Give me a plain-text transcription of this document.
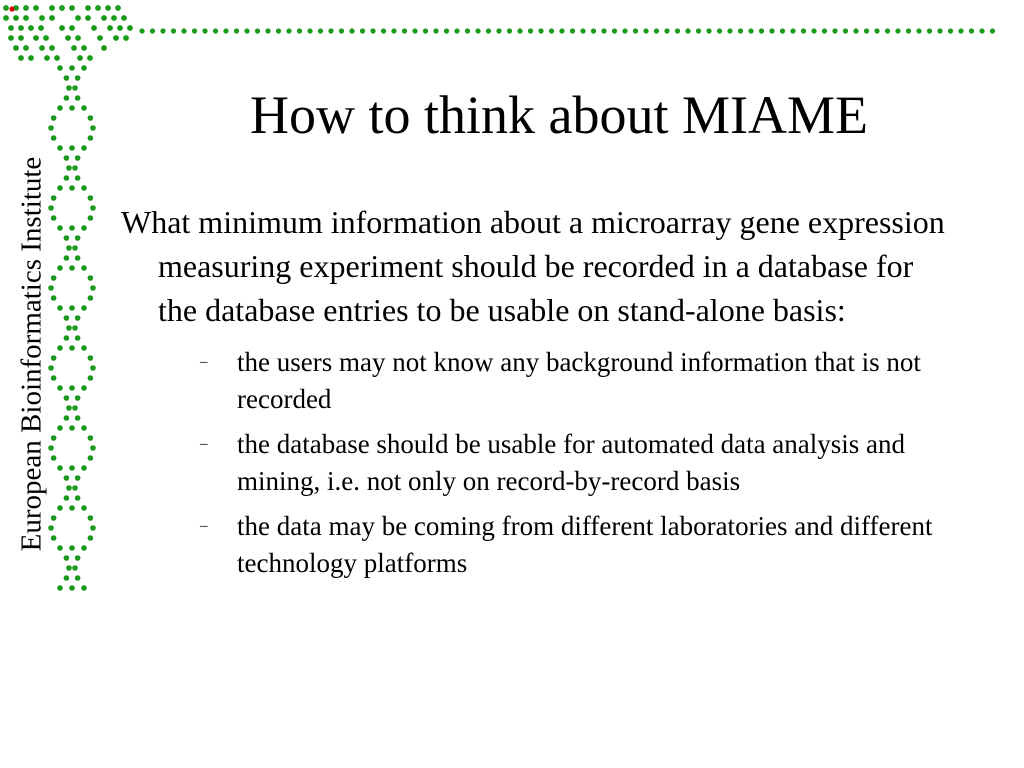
European Bioinformatics Institute
How to think about MIAME

What minimum information about a microarray gene expression measuring experiment should be recorded in a database for the database entries to be usable on stand-alone basis:

– the users may not know any background information that is not recorded
– the database should be usable for automated data analysis and mining, i.e. not only on record-by-record basis
– the data may be coming from different laboratories and different technology platforms
